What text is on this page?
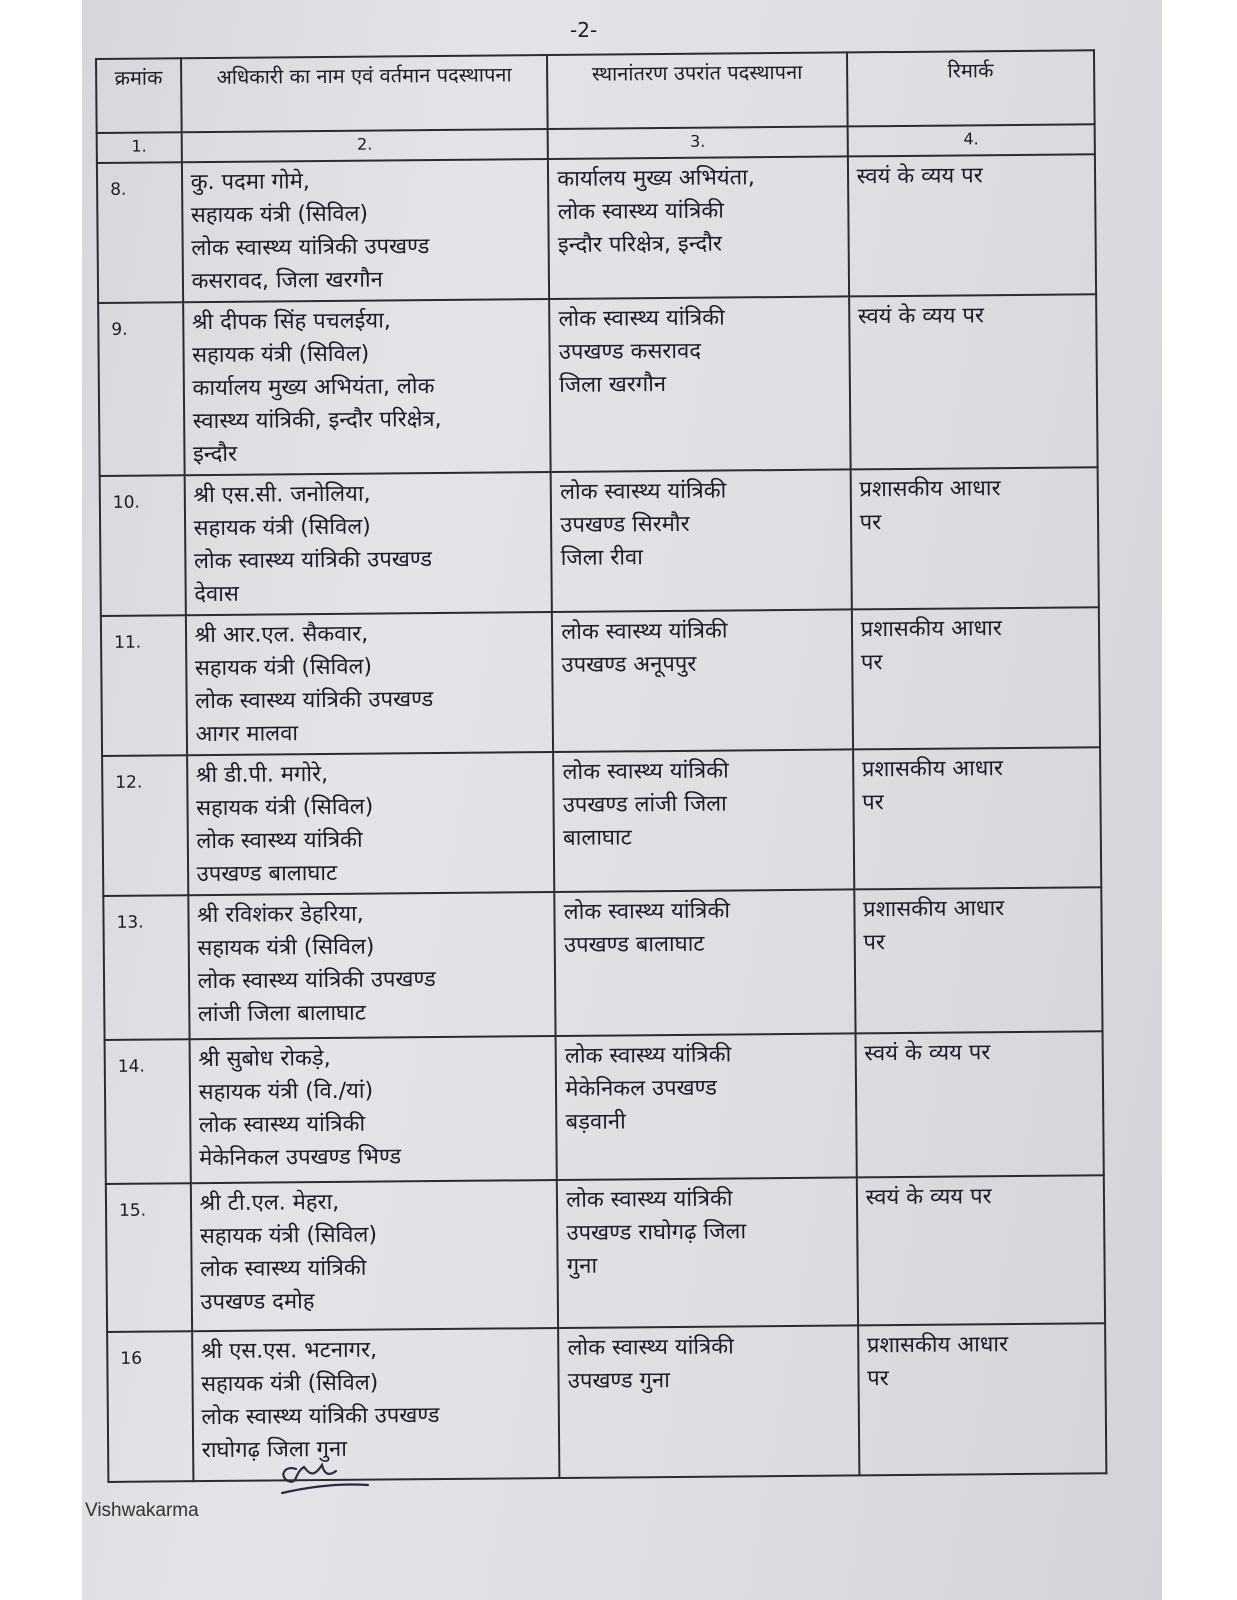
-2-
क्रमांक	अधिकारी का नाम एवं वर्तमान पदस्थापना	स्थानांतरण उपरांत पदस्थापना	रिमार्क
1.	2.	3.	4.
8.	कु. पदमा गोमे,
सहायक यंत्री (सिविल)
लोक स्वास्थ्य यांत्रिकी उपखण्ड
कसरावद, जिला खरगौन	कार्यालय मुख्य अभियंता,
लोक स्वास्थ्य यांत्रिकी
इन्दौर परिक्षेत्र, इन्दौर	स्वयं के व्यय पर

9.	श्री दीपक सिंह पचलईया,
सहायक यंत्री (सिविल)
कार्यालय मुख्य अभियंता, लोक
स्वास्थ्य यांत्रिकी, इन्दौर परिक्षेत्र,
इन्दौर	लोक स्वास्थ्य यांत्रिकी
उपखण्ड कसरावद
जिला खरगौन	स्वयं के व्यय पर

10.	श्री एस.सी. जनोलिया,
सहायक यंत्री (सिविल)
लोक स्वास्थ्य यांत्रिकी उपखण्ड
देवास	लोक स्वास्थ्य यांत्रिकी
उपखण्ड सिरमौर
जिला रीवा	प्रशासकीय आधार
पर

11.	श्री आर.एल. सैकवार,
सहायक यंत्री (सिविल)
लोक स्वास्थ्य यांत्रिकी उपखण्ड
आगर मालवा	लोक स्वास्थ्य यांत्रिकी
उपखण्ड अनूपपुर	प्रशासकीय आधार
पर

12.	श्री डी.पी. मगोरे,
सहायक यंत्री (सिविल)
लोक स्वास्थ्य यांत्रिकी
उपखण्ड बालाघाट	लोक स्वास्थ्य यांत्रिकी
उपखण्ड लांजी जिला
बालाघाट	प्रशासकीय आधार
पर

13.	श्री रविशंकर डेहरिया,
सहायक यंत्री (सिविल)
लोक स्वास्थ्य यांत्रिकी उपखण्ड
लांजी जिला बालाघाट	लोक स्वास्थ्य यांत्रिकी
उपखण्ड बालाघाट	प्रशासकीय आधार
पर

14.	श्री सुबोध रोकड़े,
सहायक यंत्री (वि./यां)
लोक स्वास्थ्य यांत्रिकी
मेकेनिकल उपखण्ड भिण्ड	लोक स्वास्थ्य यांत्रिकी
मेकेनिकल उपखण्ड
बड़वानी	स्वयं के व्यय पर

15.	श्री टी.एल. मेहरा,
सहायक यंत्री (सिविल)
लोक स्वास्थ्य यांत्रिकी
उपखण्ड दमोह	लोक स्वास्थ्य यांत्रिकी
उपखण्ड राघोगढ़ जिला
गुना	स्वयं के व्यय पर

16	श्री एस.एस. भटनागर,
सहायक यंत्री (सिविल)
लोक स्वास्थ्य यांत्रिकी उपखण्ड
राघोगढ़ जिला गुना	लोक स्वास्थ्य यांत्रिकी
उपखण्ड गुना	प्रशासकीय आधार
पर
Vishwakarma
